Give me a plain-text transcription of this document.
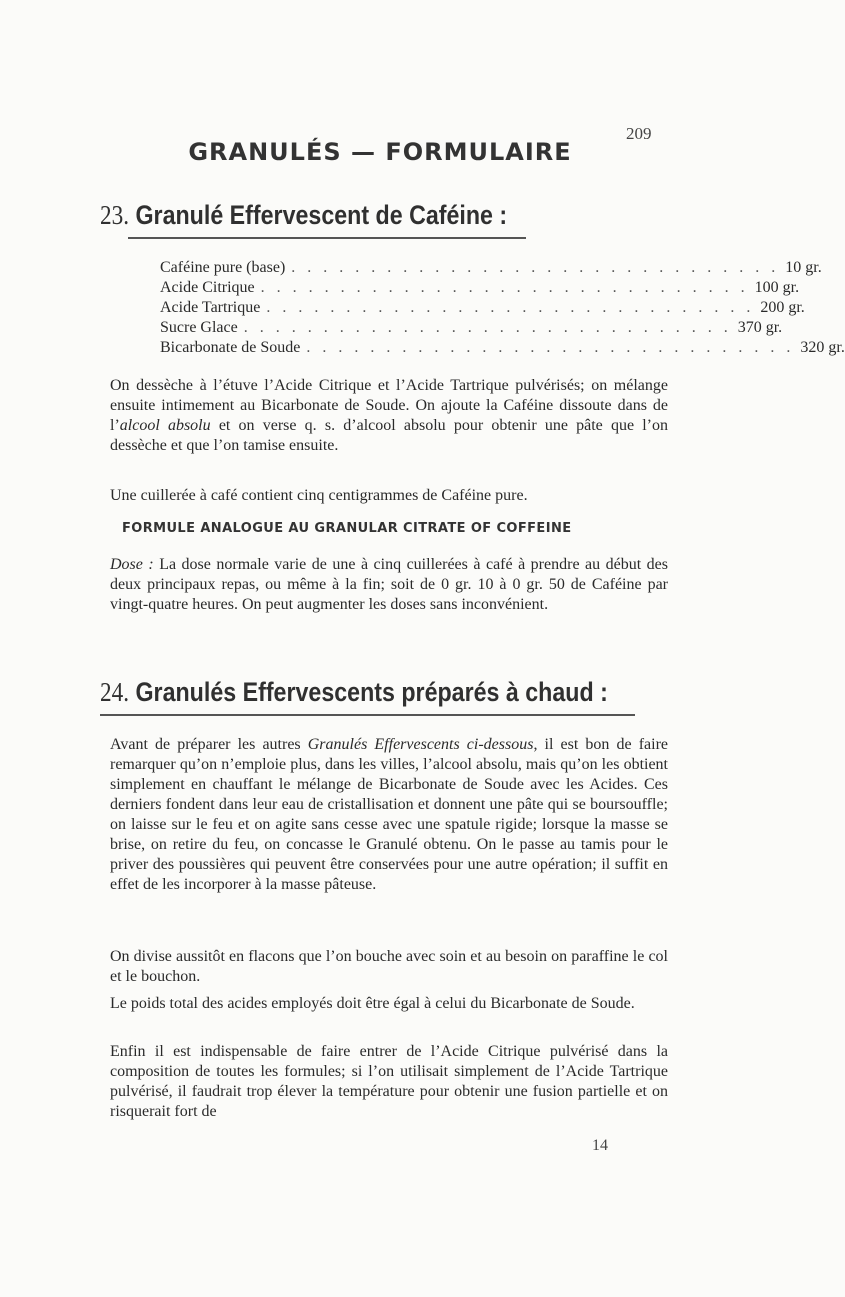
209
GRANULÉS — FORMULAIRE
23. Granulé Effervescent de Caféine :
Caféine pure (base) . . . . . . . . . . . . . . . . . . . . . . . . . . . . . . . 10 gr.
Acide Citrique . . . . . . . . . . . . . . . . . . . . . . . . . . . . . . . 100 gr.
Acide Tartrique . . . . . . . . . . . . . . . . . . . . . . . . . . . . . . . 200 gr.
Sucre Glace . . . . . . . . . . . . . . . . . . . . . . . . . . . . . . . 370 gr.
Bicarbonate de Soude . . . . . . . . . . . . . . . . . . . . . . . . . . . . . . . 320 gr.
On dessèche à l’étuve l’Acide Citrique et l’Acide Tartrique pulvérisés; on mélange ensuite intimement au Bicarbonate de Soude. On ajoute la Caféine dissoute dans de l’alcool absolu et on verse q. s. d’alcool absolu pour obtenir une pâte que l’on dessèche et que l’on tamise ensuite.
Une cuillerée à café contient cinq centigrammes de Caféine pure.
FORMULE ANALOGUE AU GRANULAR CITRATE OF COFFEINE
Dose : La dose normale varie de une à cinq cuillerées à café à prendre au début des deux principaux repas, ou même à la fin; soit de 0 gr. 10 à 0 gr. 50 de Caféine par vingt-quatre heures. On peut augmenter les doses sans inconvénient.
24. Granulés Effervescents préparés à chaud :
Avant de préparer les autres Granulés Effervescents ci-dessous, il est bon de faire remarquer qu’on n’emploie plus, dans les villes, l’alcool absolu, mais qu’on les obtient simplement en chauffant le mélange de Bicarbonate de Soude avec les Acides. Ces derniers fondent dans leur eau de cristallisation et donnent une pâte qui se boursouffle; on laisse sur le feu et on agite sans cesse avec une spatule rigide; lorsque la masse se brise, on retire du feu, on concasse le Granulé obtenu. On le passe au tamis pour le priver des poussières qui peuvent être conservées pour une autre opération; il suffit en effet de les incorporer à la masse pâteuse.
On divise aussitôt en flacons que l’on bouche avec soin et au besoin on paraffine le col et le bouchon.
Le poids total des acides employés doit être égal à celui du Bicarbonate de Soude.
Enfin il est indispensable de faire entrer de l’Acide Citrique pulvérisé dans la composition de toutes les formules; si l’on utilisait simplement de l’Acide Tartrique pulvérisé, il faudrait trop élever la température pour obtenir une fusion partielle et on risquerait fort de
14
